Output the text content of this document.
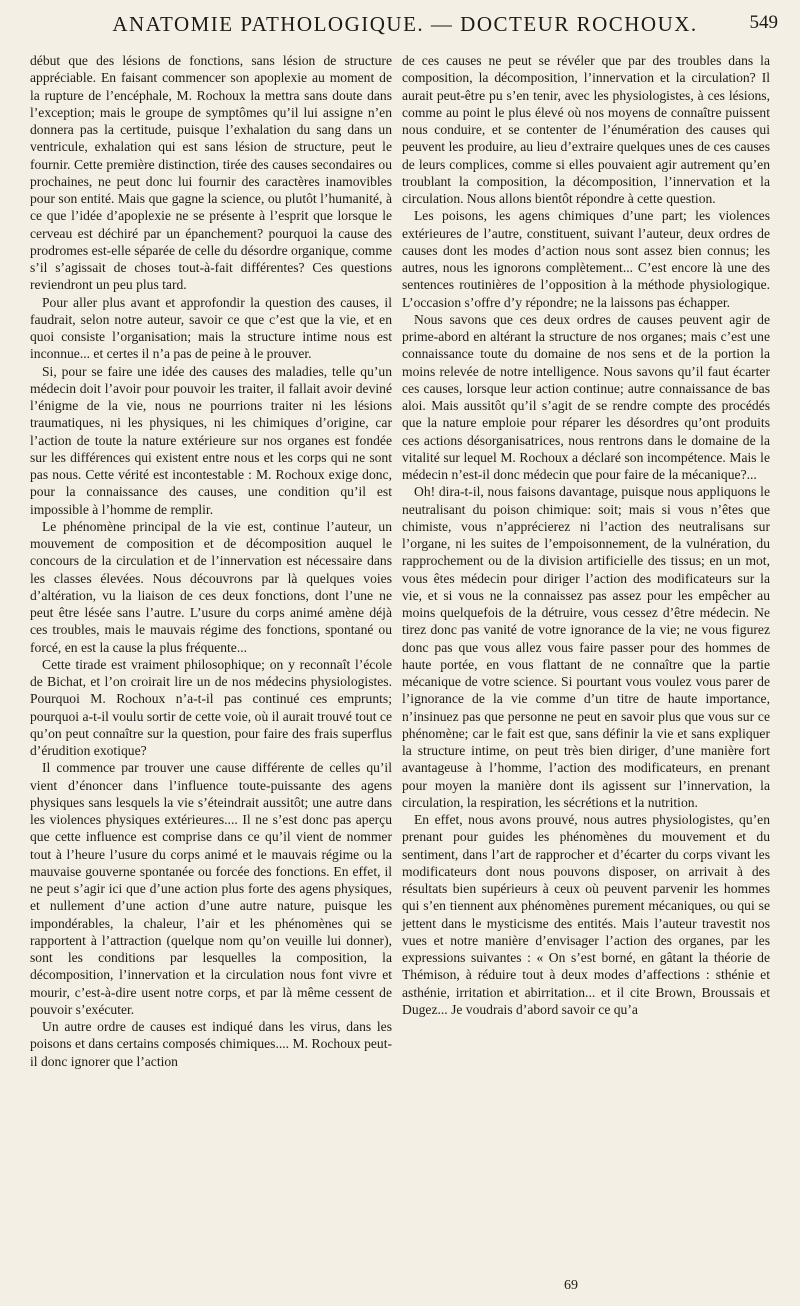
ANATOMIE PATHOLOGIQUE. — DOCTEUR ROCHOUX.	549

début que des lésions de fonctions, sans lésion de structure appréciable. En faisant commencer son apoplexie au moment de la rupture de l’encéphale, M. Rochoux la mettra sans doute dans l’exception; mais le groupe de symptômes qu’il lui assigne n’en donnera pas la certitude, puisque l’exhalation du sang dans un ventricule, exhalation qui est sans lésion de structure, peut le fournir. Cette première distinction, tirée des causes secondaires ou prochaines, ne peut donc lui fournir des caractères inamovibles pour son entité. Mais que gagne la science, ou plutôt l’humanité, à ce que l’idée d’apoplexie ne se présente à l’esprit que lorsque le cerveau est déchiré par un épanchement? pourquoi la cause des prodromes est-elle séparée de celle du désordre organique, comme s’il s’agissait de choses tout-à-fait différentes? Ces questions reviendront un peu plus tard.

Pour aller plus avant et approfondir la question des causes, il faudrait, selon notre auteur, savoir ce que c’est que la vie, et en quoi consiste l’organisation; mais la structure intime nous est inconnue... et certes il n’a pas de peine à le prouver.

Si, pour se faire une idée des causes des maladies, telle qu’un médecin doit l’avoir pour pouvoir les traiter, il fallait avoir deviné l’énigme de la vie, nous ne pourrions traiter ni les lésions traumatiques, ni les physiques, ni les chimiques d’origine, car l’action de toute la nature extérieure sur nos organes est fondée sur les différences qui existent entre nous et les corps qui ne sont pas nous. Cette vérité est incontestable : M. Rochoux exige donc, pour la connaissance des causes, une condition qu’il est impossible à l’homme de remplir.

Le phénomène principal de la vie est, continue l’auteur, un mouvement de composition et de décomposition auquel le concours de la circulation et de l’innervation est nécessaire dans les classes élevées. Nous découvrons par là quelques voies d’altération, vu la liaison de ces deux fonctions, dont l’une ne peut être lésée sans l’autre. L’usure du corps animé amène déjà ces troubles, mais le mauvais régime des fonctions, spontané ou forcé, en est la cause la plus fréquente...

Cette tirade est vraiment philosophique; on y reconnaît l’école de Bichat, et l’on croirait lire un de nos médecins physiologistes. Pourquoi M. Rochoux n’a-t-il pas continué ces emprunts; pourquoi a-t-il voulu sortir de cette voie, où il aurait trouvé tout ce qu’on peut connaître sur la question, pour faire des frais superflus d’érudition exotique?

Il commence par trouver une cause différente de celles qu’il vient d’énoncer dans l’influence toute-puissante des agens physiques sans lesquels la vie s’éteindrait aussitôt; une autre dans les violences physiques extérieures.... Il ne s’est donc pas aperçu que cette influence est comprise dans ce qu’il vient de nommer tout à l’heure l’usure du corps animé et le mauvais régime ou la mauvaise gouverne spontanée ou forcée des fonctions. En effet, il ne peut s’agir ici que d’une action plus forte des agens physiques, et nullement d’une action d’une autre nature, puisque les impondérables, la chaleur, l’air et les phénomènes qui se rapportent à l’attraction (quelque nom qu’on veuille lui donner), sont les conditions par lesquelles la composition, la décomposition, l’innervation et la circulation nous font vivre et mourir, c’est-à-dire usent notre corps, et par là même cessent de pouvoir s’exécuter.

Un autre ordre de causes est indiqué dans les virus, dans les poisons et dans certains composés chimiques.... M. Rochoux peut-il donc ignorer que l’action

de ces causes ne peut se révéler que par des troubles dans la composition, la décomposition, l’innervation et la circulation? Il aurait peut-être pu s’en tenir, avec les physiologistes, à ces lésions, comme au point le plus élevé où nos moyens de connaître puissent nous conduire, et se contenter de l’énumération des causes qui peuvent les produire, au lieu d’extraire quelques unes de ces causes de leurs complices, comme si elles pouvaient agir autrement qu’en troublant la composition, la décomposition, l’innervation et la circulation. Nous allons bientôt répondre à cette question.

Les poisons, les agens chimiques d’une part; les violences extérieures de l’autre, constituent, suivant l’auteur, deux ordres de causes dont les modes d’action nous sont assez bien connus; les autres, nous les ignorons complètement... C’est encore là une des sentences routinières de l’opposition à la méthode physiologique. L’occasion s’offre d’y répondre; ne la laissons pas échapper.

Nous savons que ces deux ordres de causes peuvent agir de prime-abord en altérant la structure de nos organes; mais c’est une connaissance toute du domaine de nos sens et de la portion la moins relevée de notre intelligence. Nous savons qu’il faut écarter ces causes, lorsque leur action continue; autre connaissance de bas aloi. Mais aussitôt qu’il s’agit de se rendre compte des procédés que la nature emploie pour réparer les désordres qu’ont produits ces actions désorganisatrices, nous rentrons dans le domaine de la vitalité sur lequel M. Rochoux a déclaré son incompétence. Mais le médecin n’est-il donc médecin que pour faire de la mécanique?...

Oh! dira-t-il, nous faisons davantage, puisque nous appliquons le neutralisant du poison chimique: soit; mais si vous n’êtes que chimiste, vous n’apprécierez ni l’action des neutralisans sur l’organe, ni les suites de l’empoisonnement, de la vulnération, du rapprochement ou de la division artificielle des tissus; en un mot, vous êtes médecin pour diriger l’action des modificateurs sur la vie, et si vous ne la connaissez pas assez pour les empêcher au moins quelquefois de la détruire, vous cessez d’être médecin. Ne tirez donc pas vanité de votre ignorance de la vie; ne vous figurez donc pas que vous allez vous faire passer pour des hommes de haute portée, en vous flattant de ne connaître que la partie mécanique de votre science. Si pourtant vous voulez vous parer de l’ignorance de la vie comme d’un titre de haute importance, n’insinuez pas que personne ne peut en savoir plus que vous sur ce phénomène; car le fait est que, sans définir la vie et sans expliquer la structure intime, on peut très bien diriger, d’une manière fort avantageuse à l’homme, l’action des modificateurs, en prenant pour moyen la manière dont ils agissent sur l’innervation, la circulation, la respiration, les sécrétions et la nutrition.

En effet, nous avons prouvé, nous autres physiologistes, qu’en prenant pour guides les phénomènes du mouvement et du sentiment, dans l’art de rapprocher et d’écarter du corps vivant les modificateurs dont nous pouvons disposer, on arrivait à des résultats bien supérieurs à ceux où peuvent parvenir les hommes qui s’en tiennent aux phénomènes purement mécaniques, ou qui se jettent dans le mysticisme des entités. Mais l’auteur travestit nos vues et notre manière d’envisager l’action des organes, par les expressions suivantes : « On s’est borné, en gâtant la théorie de Thémison, à réduire tout à deux modes d’affections : sthénie et asthénie, irritation et abirritation... et il cite Brown, Broussais et Dugez... Je voudrais d’abord savoir ce qu’a

69
